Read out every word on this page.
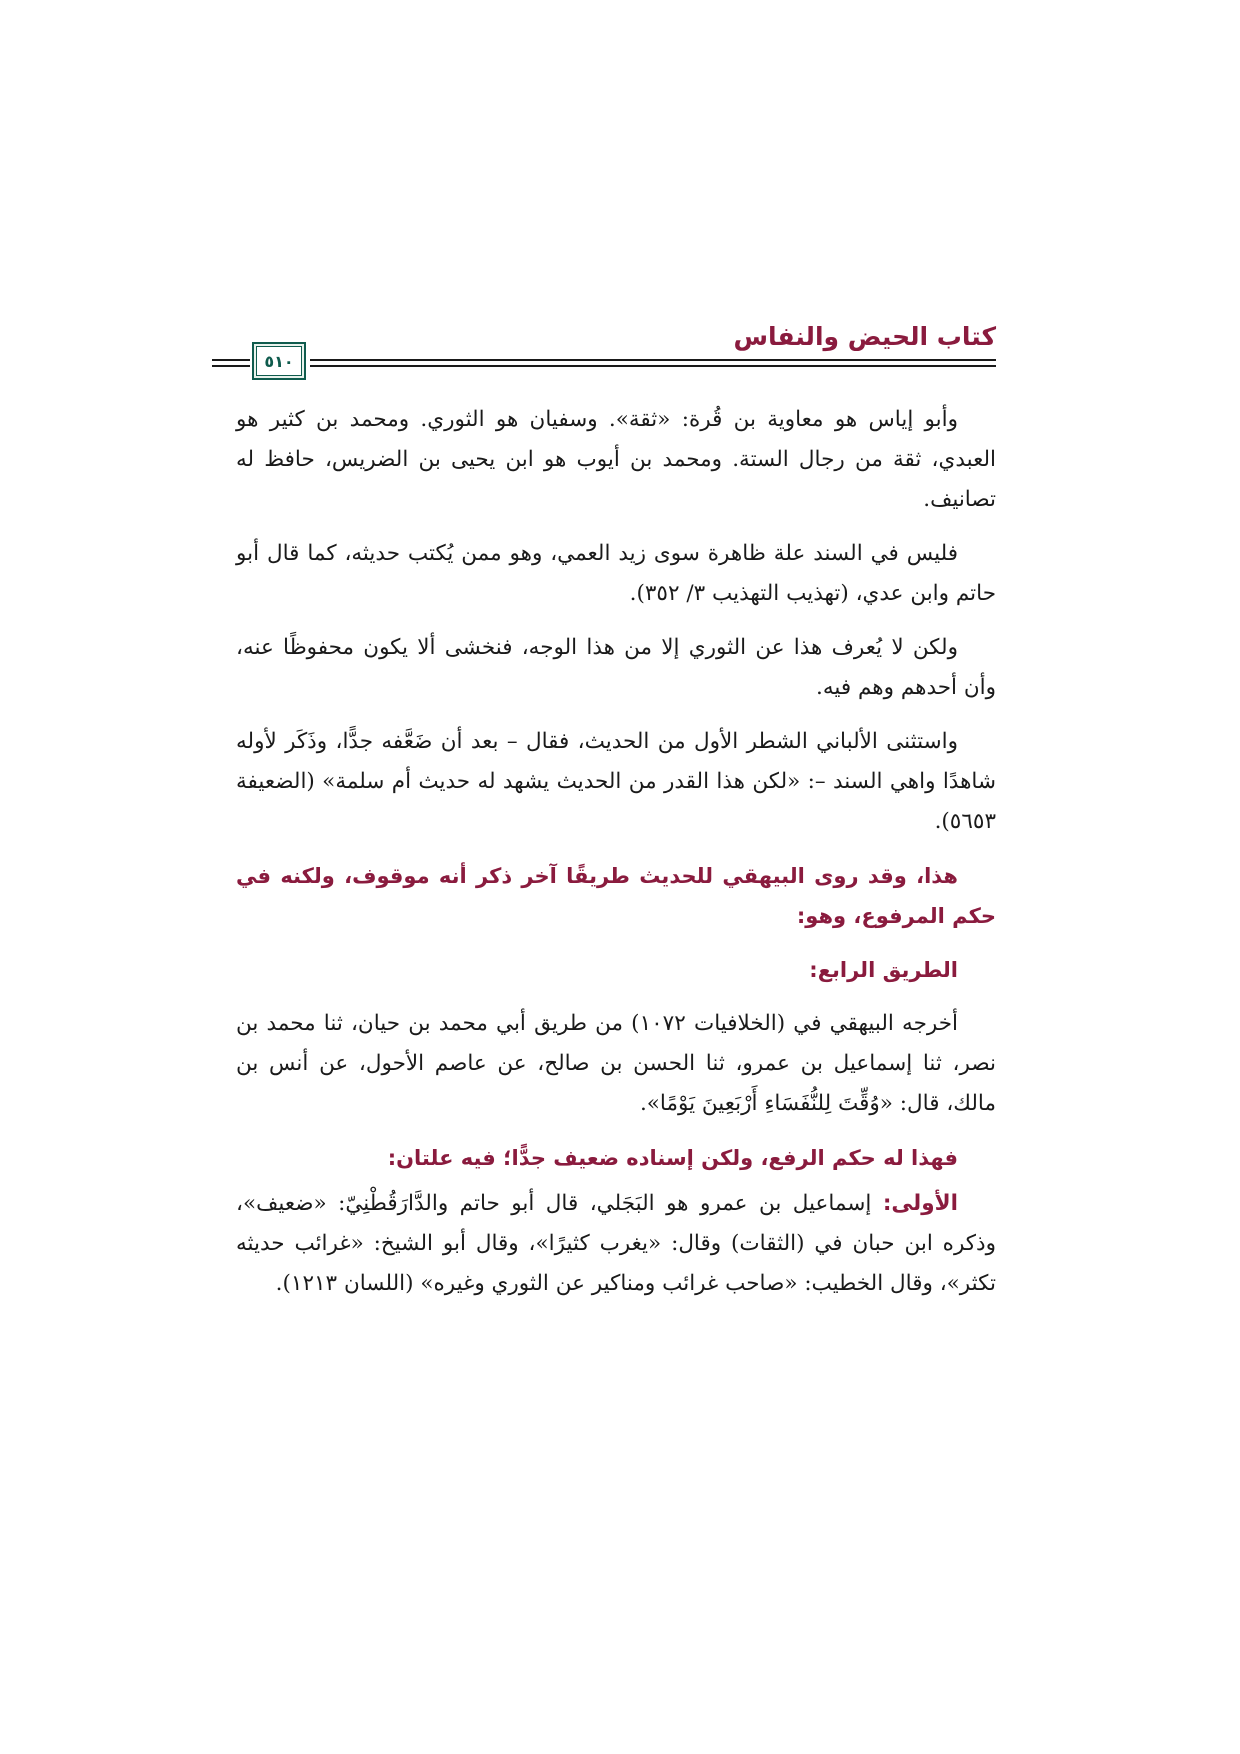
كتاب الحيض والنفاس
٥١٠

وأبو إياس هو معاوية بن قُرة: «ثقة». وسفيان هو الثوري. ومحمد بن كثير هو العبدي، ثقة من رجال الستة. ومحمد بن أيوب هو ابن يحيى بن الضريس، حافظ له تصانيف.

فليس في السند علة ظاهرة سوى زيد العمي، وهو ممن يُكتب حديثه، كما قال أبو حاتم وابن عدي، (تهذيب التهذيب ٣/ ٣٥٢).

ولكن لا يُعرف هذا عن الثوري إلا من هذا الوجه، فنخشى ألا يكون محفوظًا عنه، وأن أحدهم وهم فيه.

واستثنى الألباني الشطر الأول من الحديث، فقال – بعد أن ضَعَّفه جدًّا، وذَكَر لأوله شاهدًا واهي السند –: «لكن هذا القدر من الحديث يشهد له حديث أم سلمة» (الضعيفة ٥٦٥٣).

هذا، وقد روى البيهقي للحديث طريقًا آخر ذكر أنه موقوف، ولكنه في حكم المرفوع، وهو:

الطريق الرابع:

أخرجه البيهقي في (الخلافيات ١٠٧٢) من طريق أبي محمد بن حيان، ثنا محمد بن نصر، ثنا إسماعيل بن عمرو، ثنا الحسن بن صالح، عن عاصم الأحول، عن أنس بن مالك، قال: «وُقِّتَ لِلنُّفَسَاءِ أَرْبَعِينَ يَوْمًا».

فهذا له حكم الرفع، ولكن إسناده ضعيف جدًّا؛ فيه علتان:

الأولى: إسماعيل بن عمرو هو البَجَلي، قال أبو حاتم والدَّارَقُطْنِيّ: «ضعيف»، وذكره ابن حبان في (الثقات) وقال: «يغرب كثيرًا»، وقال أبو الشيخ: «غرائب حديثه تكثر»، وقال الخطيب: «صاحب غرائب ومناكير عن الثوري وغيره» (اللسان ١٢١٣).
